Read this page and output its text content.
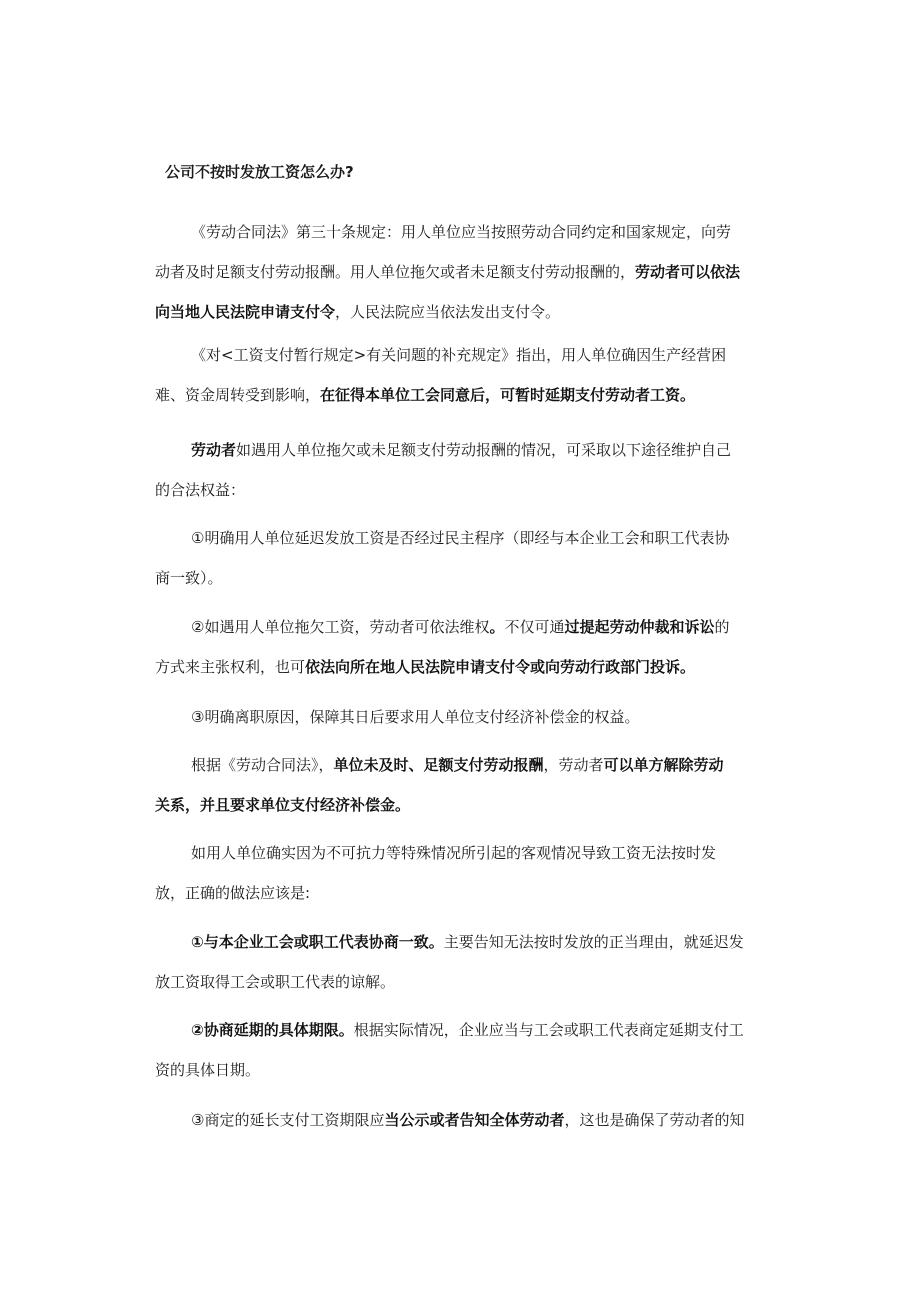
公司不按时发放工资怎么办?
《劳动合同法》第三十条规定：用人单位应当按照劳动合同约定和国家规定，向劳
动者及时足额支付劳动报酬。用人单位拖欠或者未足额支付劳动报酬的，劳动者可以依法
向当地人民法院申请支付令，人民法院应当依法发出支付令。
《对<工资支付暂行规定>有关问题的补充规定》指出，用人单位确因生产经营困
难、资金周转受到影响，在征得本单位工会同意后，可暂时延期支付劳动者工资。
劳动者如遇用人单位拖欠或未足额支付劳动报酬的情况，可采取以下途径维护自己
的合法权益：
①明确用人单位延迟发放工资是否经过民主程序（即经与本企业工会和职工代表协
商一致）。
②如遇用人单位拖欠工资，劳动者可依法维权。不仅可通过提起劳动仲裁和诉讼的
方式来主张权利，也可依法向所在地人民法院申请支付令或向劳动行政部门投诉。
③明确离职原因，保障其日后要求用人单位支付经济补偿金的权益。
根据《劳动合同法》，单位未及时、足额支付劳动报酬，劳动者可以单方解除劳动
关系，并且要求单位支付经济补偿金。
如用人单位确实因为不可抗力等特殊情况所引起的客观情况导致工资无法按时发
放，正确的做法应该是:
①与本企业工会或职工代表协商一致。主要告知无法按时发放的正当理由，就延迟发
放工资取得工会或职工代表的谅解。
②协商延期的具体期限。根据实际情况，企业应当与工会或职工代表商定延期支付工
资的具体日期。
③商定的延长支付工资期限应当公示或者告知全体劳动者，这也是确保了劳动者的知
